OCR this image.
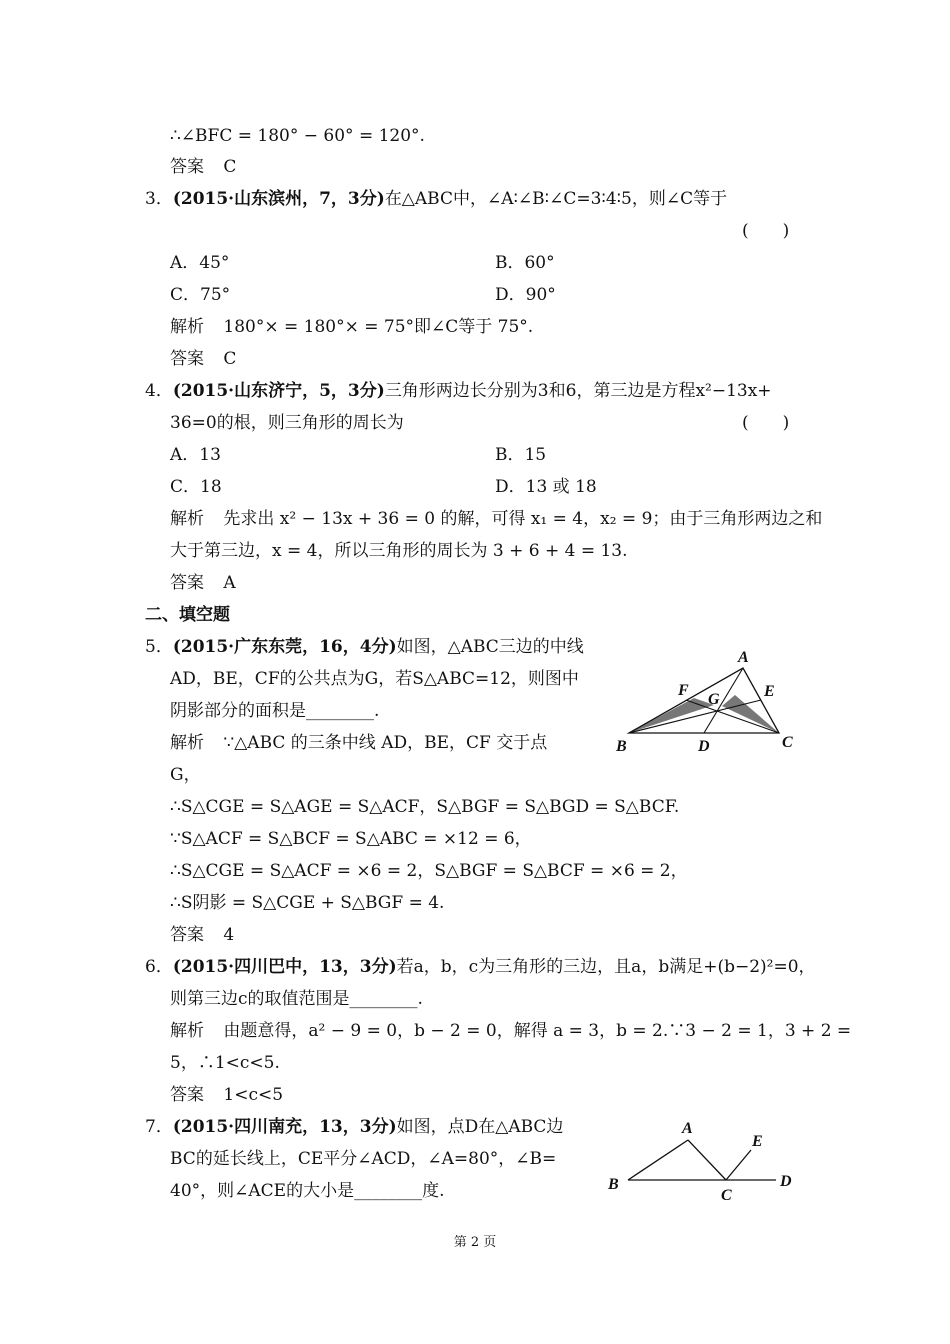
∴∠BFC = 180° − 60° = 120°.
答案 C
3．(2015·山东滨州，7，3分)在△ABC中，∠A∶∠B∶∠C=3∶4∶5，则∠C等于
(　　)
A．45°	B．60°
C．75°	D．90°
解析 180°× = 180°× = 75°即∠C等于 75°.
答案 C
4．(2015·山东济宁，5，3分)三角形两边长分别为3和6，第三边是方程x²−13x+
36=0的根，则三角形的周长为	(　　)
A．13	B．15
C．18	D．13 或 18
解析 先求出 x² − 13x + 36 = 0 的解，可得 x₁ = 4，x₂ = 9；由于三角形两边之和
大于第三边，x = 4，所以三角形的周长为 3 + 6 + 4 = 13.
答案 A
二、填空题
5．(2015·广东东莞，16，4分)如图，△ABC三边的中线
AD，BE，CF的公共点为G，若S△ABC=12，则图中
阴影部分的面积是________.
解析 ∵△ABC 的三条中线 AD，BE，CF 交于点
G，
∴S△CGE = S△AGE = S△ACF，S△BGF = S△BGD = S△BCF.
∵S△ACF = S△BCF = S△ABC = ×12 = 6，
∴S△CGE = S△ACF = ×6 = 2，S△BGF = S△BCF = ×6 = 2，
∴S阴影 = S△CGE + S△BGF = 4.
答案 4
A
B	C
D
E
F
G
6．(2015·四川巴中，13，3分)若a，b，c为三角形的三边，且a，b满足+(b−2)²=0，
则第三边c的取值范围是________.
解析 由题意得，a² − 9 = 0，b − 2 = 0，解得 a = 3，b = 2.∵3 − 2 = 1，3 + 2 =
5，∴1<c<5.
答案 1<c<5
7．(2015·四川南充，13，3分)如图，点D在△ABC边
BC的延长线上，CE平分∠ACD，∠A=80°，∠B=
40°，则∠ACE的大小是________度.
A
B
C
D
E
第 2 页
